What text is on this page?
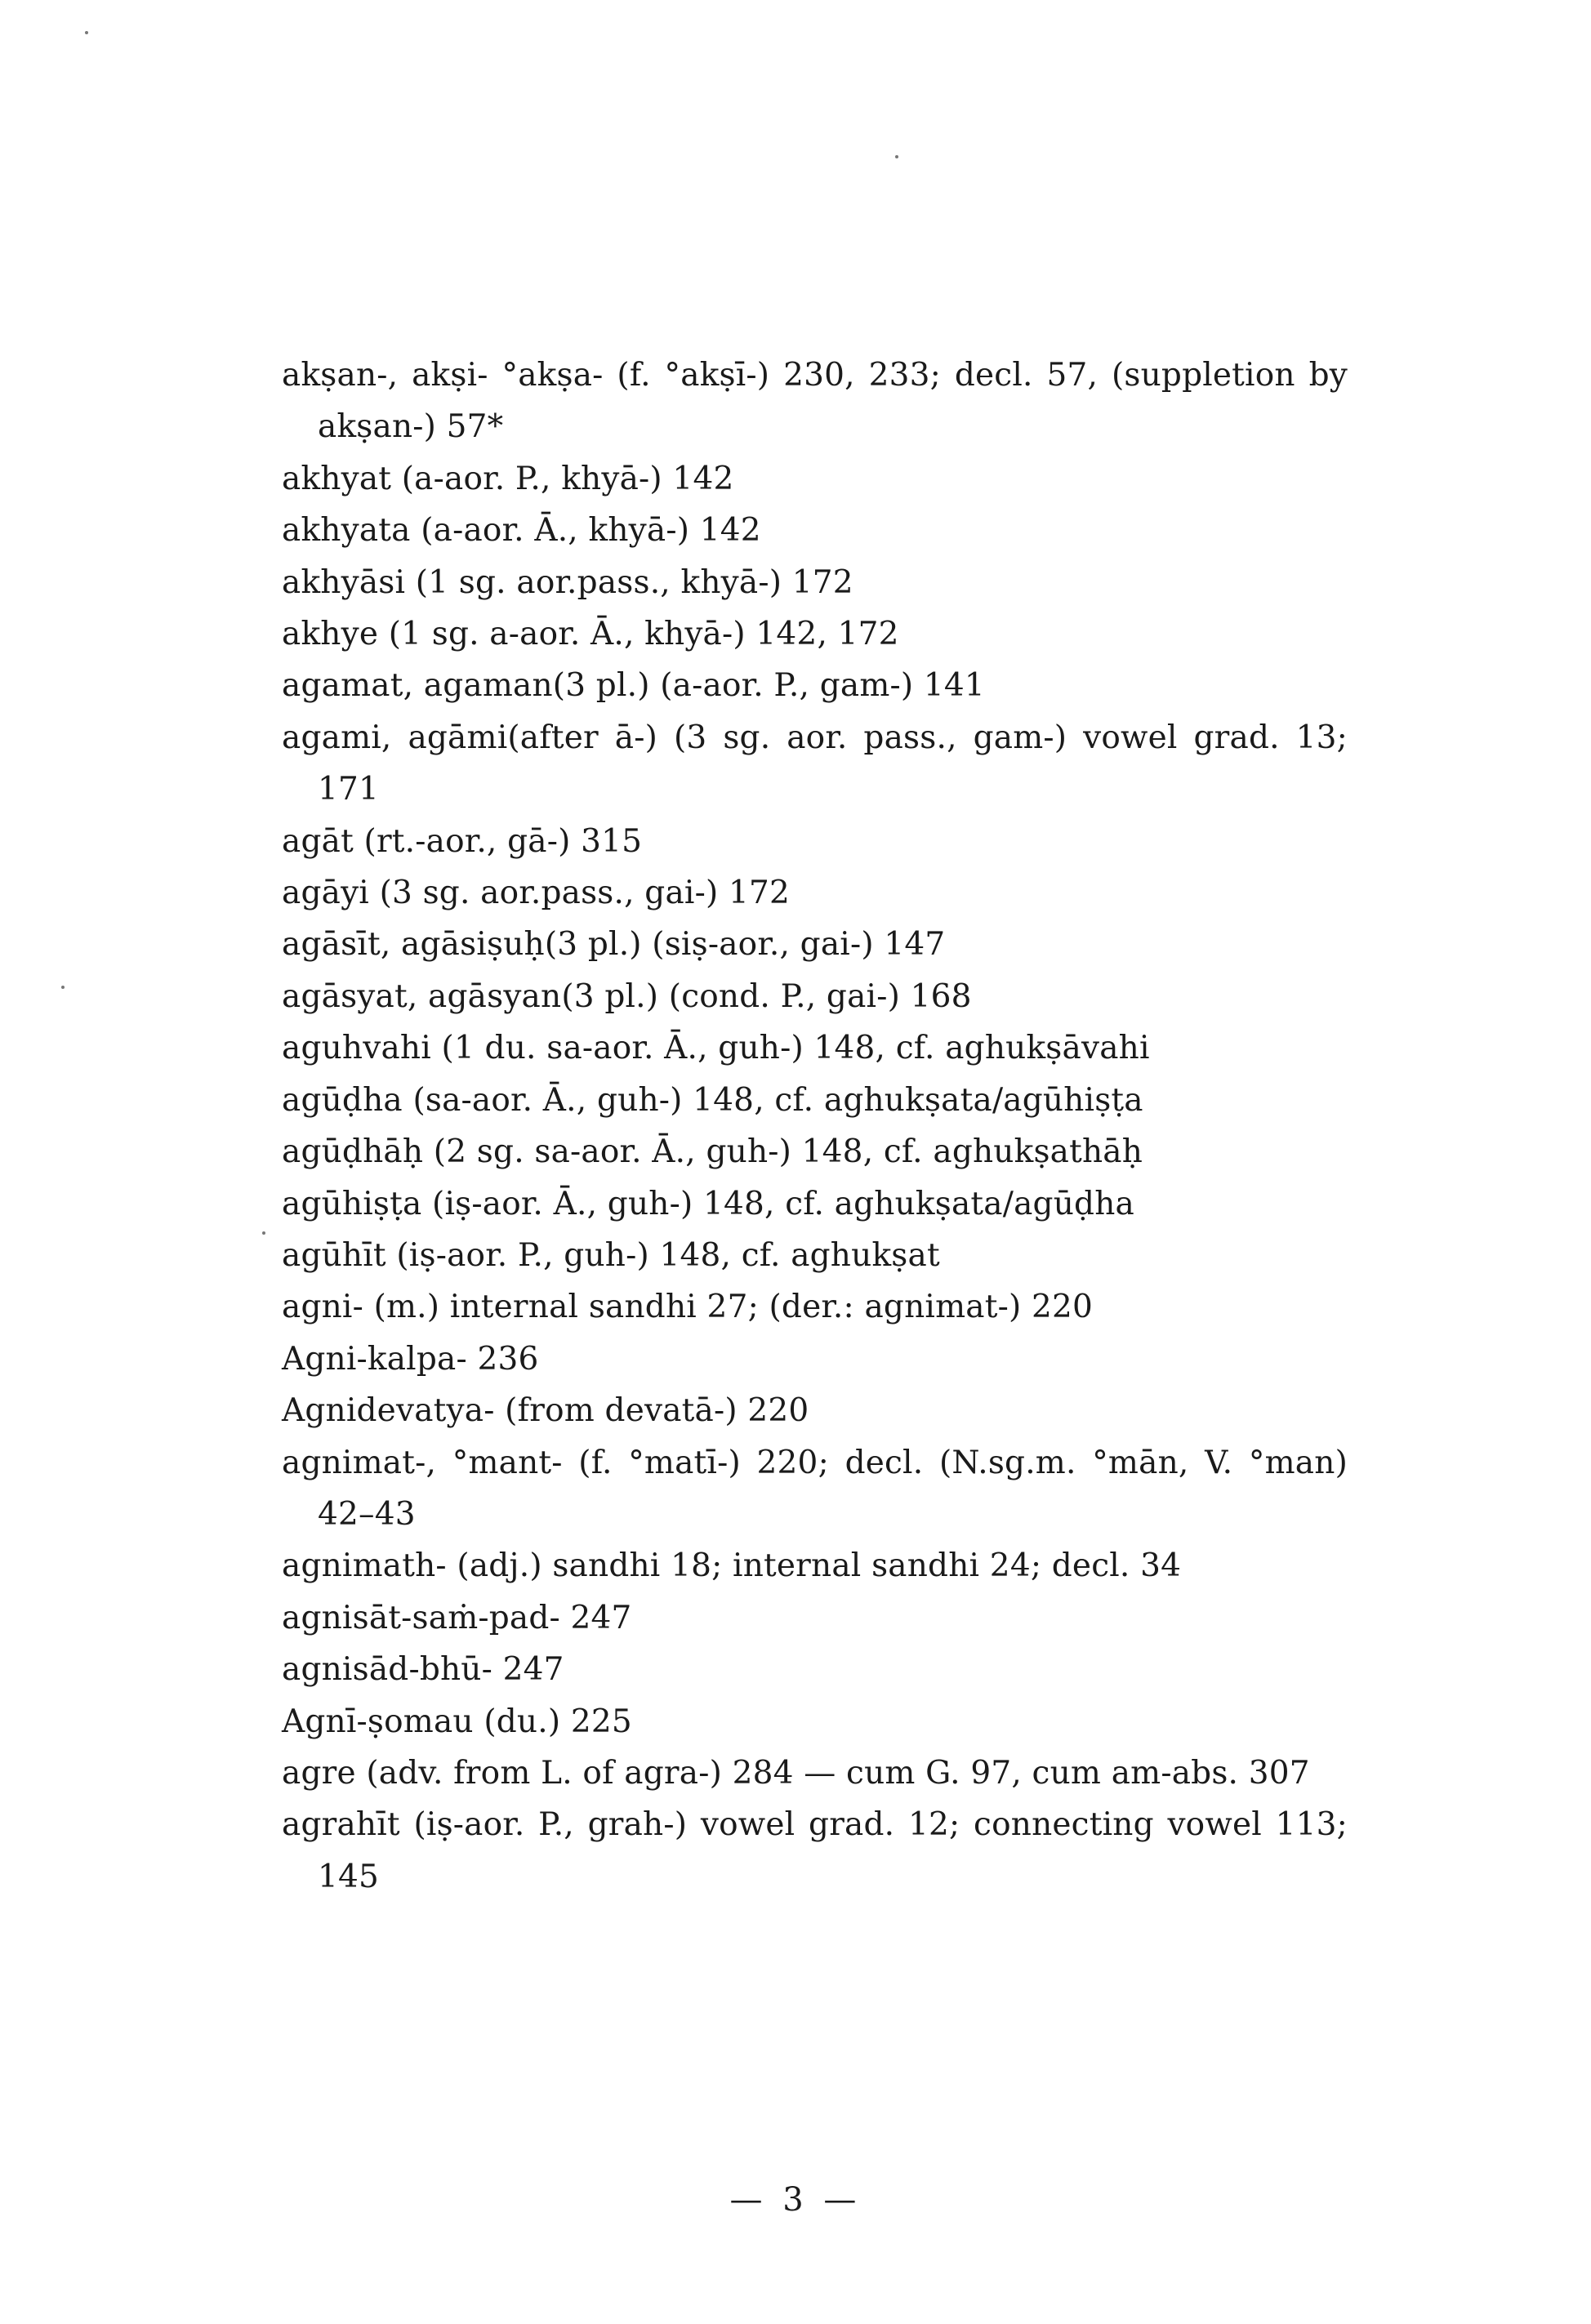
akṣan-, akṣi- °akṣa- (f. °akṣī-) 230, 233; decl. 57, (suppletion by akṣan-) 57*
akhyat (a-aor. P., khyā-) 142
akhyata (a-aor. Ā., khyā-) 142
akhyāsi (1 sg. aor.pass., khyā-) 172
akhye (1 sg. a-aor. Ā., khyā-) 142, 172
agamat, agaman(3 pl.) (a-aor. P., gam-) 141
agami, agāmi(after ā-) (3 sg. aor. pass., gam-) vowel grad. 13; 171
agāt (rt.-aor., gā-) 315
agāyi (3 sg. aor.pass., gai-) 172
agāsīt, agāsiṣuḥ(3 pl.) (siṣ-aor., gai-) 147
agāsyat, agāsyan(3 pl.) (cond. P., gai-) 168
aguhvahi (1 du. sa-aor. Ā., guh-) 148, cf. aghukṣāvahi
agūḍha (sa-aor. Ā., guh-) 148, cf. aghukṣata/agūhiṣṭa
agūḍhāḥ (2 sg. sa-aor. Ā., guh-) 148, cf. aghukṣathāḥ
agūhiṣṭa (iṣ-aor. Ā., guh-) 148, cf. aghukṣata/agūḍha
agūhīt (iṣ-aor. P., guh-) 148, cf. aghukṣat
agni- (m.) internal sandhi 27; (der.: agnimat-) 220
Agni-kalpa- 236
Agnidevatya- (from devatā-) 220
agnimat-, °mant- (f. °matī-) 220; decl. (N.sg.m. °mān, V. °man) 42–43
agnimath- (adj.) sandhi 18; internal sandhi 24; decl. 34
agnisāt-saṁ-pad- 247
agnisād-bhū- 247
Agnī-ṣomau (du.) 225
agre (adv. from L. of agra-) 284 — cum G. 97, cum am-abs. 307
agrahīt (iṣ-aor. P., grah-) vowel grad. 12; connecting vowel 113; 145
— 3 —
